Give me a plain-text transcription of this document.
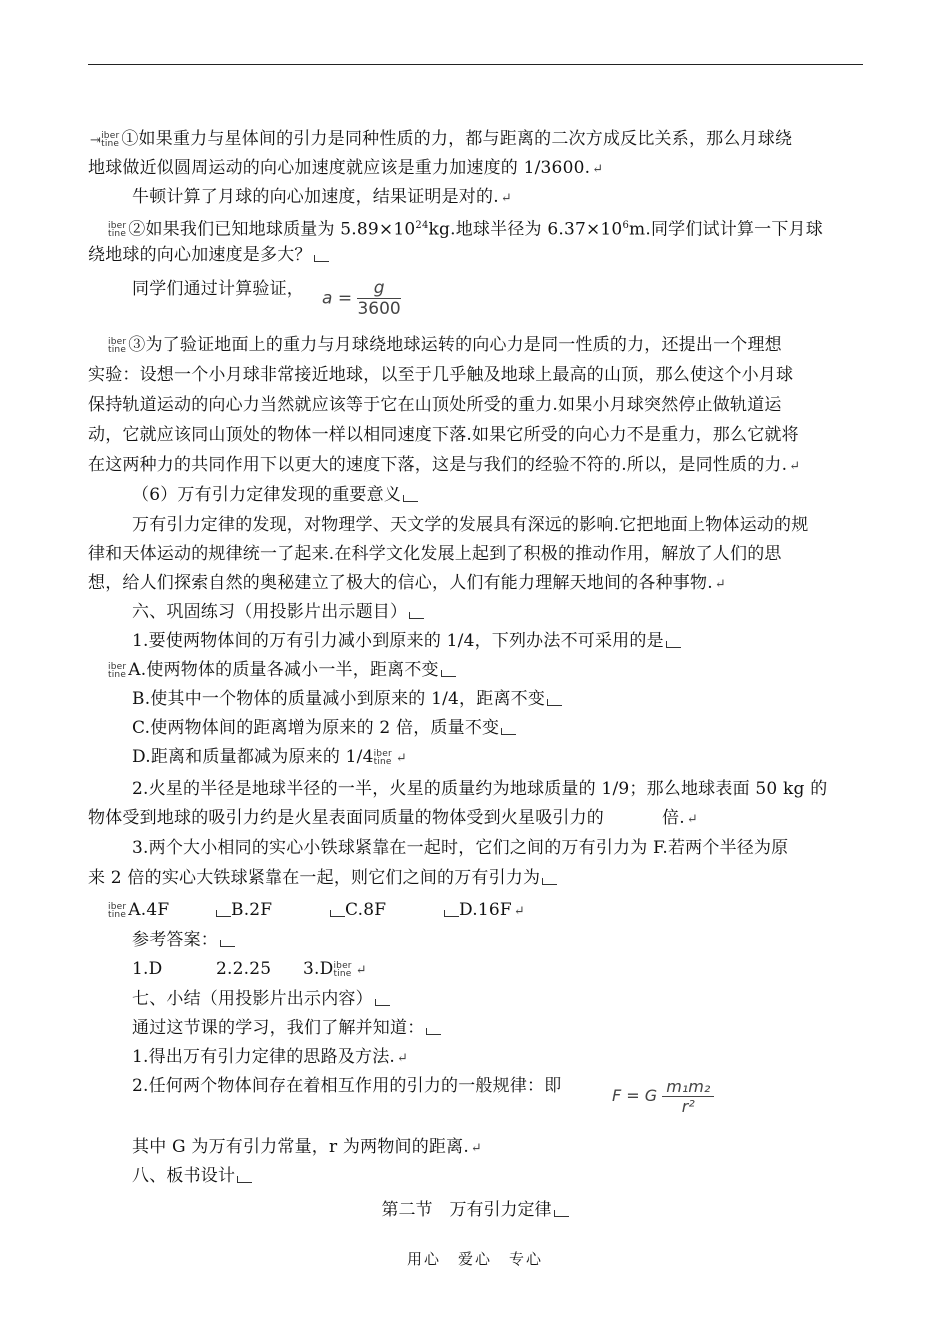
⇥ iber
tine ①如果重力与星体间的引力是同种性质的力，都与距离的二次方成反比关系，那么月球绕
地球做近似圆周运动的向心加速度就应该是重力加速度的 1/3600. ↵
牛顿计算了月球的向心加速度，结果证明是对的. ↵
iber
tine ②如果我们已知地球质量为 $5.89\times 10^{24}kg$.地球半径为 $6.37\times 10^6m$.同学们试计算一下月球
绕地球的向心加速度是多大？
同学们通过计算验证， $a = \frac{g}{3600}$
iber
tine ③为了验证地面上的重力与月球绕地球运转的向心力是同一性质的力，还提出一个理想
实验：设想一个小月球非常接近地球，以至于几乎触及地球上最高的山顶，那么使这个小月球
保持轨道运动的向心力当然就应该等于它在山顶处所受的重力.如果小月球突然停止做轨道运
动，它就应该同山顶处的物体一样以相同速度下落.如果它所受的向心力不是重力，那么它就将
在这两种力的共同作用下以更大的速度下落，这是与我们的经验不符的.所以，是同性质的力. ↵
（6）万有引力定律发现的重要意义
万有引力定律的发现，对物理学、天文学的发展具有深远的影响.它把地面上物体运动的规
律和天体运动的规律统一了起来.在科学文化发展上起到了积极的推动作用，解放了人们的思
想，给人们探索自然的奥秘建立了极大的信心，人们有能力理解天地间的各种事物. ↵
六、巩固练习（用投影片出示题目）
1.要使两物体间的万有引力减小到原来的 1/4，下列办法不可采用的是
iber
tine A.使两物体的质量各减小一半，距离不变
B.使其中一个物体的质量减小到原来的 1/4，距离不变
C.使两物体间的距离增为原来的 2 倍，质量不变
D.距离和质量都减为原来的 1/4 iber
tine ↵
2.火星的半径是地球半径的一半，火星的质量约为地球质量的 1/9；那么地球表面 50 kg 的
物体受到地球的吸引力约是火星表面同质量的物体受到火星吸引力的	倍. ↵
3.两个大小相同的实心小铁球紧靠在一起时，它们之间的万有引力为 F.若两个半径为原
来 2 倍的实心大铁球紧靠在一起，则它们之间的万有引力为
iber
tine A.4F	B.2F	C.8F	D.16F ↵
参考答案：
1.D	2.2.25 3.D iber
tine ↵
七、小结（用投影片出示内容）
通过这节课的学习，我们了解并知道：
1.得出万有引力定律的思路及方法. ↵
2.任何两个物体间存在着相互作用的引力的一般规律：即	F = G $\frac{\text{m₁m₂}}{\text{r²}}$
其中 G 为万有引力常量，r 为两物间的距离. ↵
八、板书设计
第二节　万有引力定律
用心　爱心　专心
